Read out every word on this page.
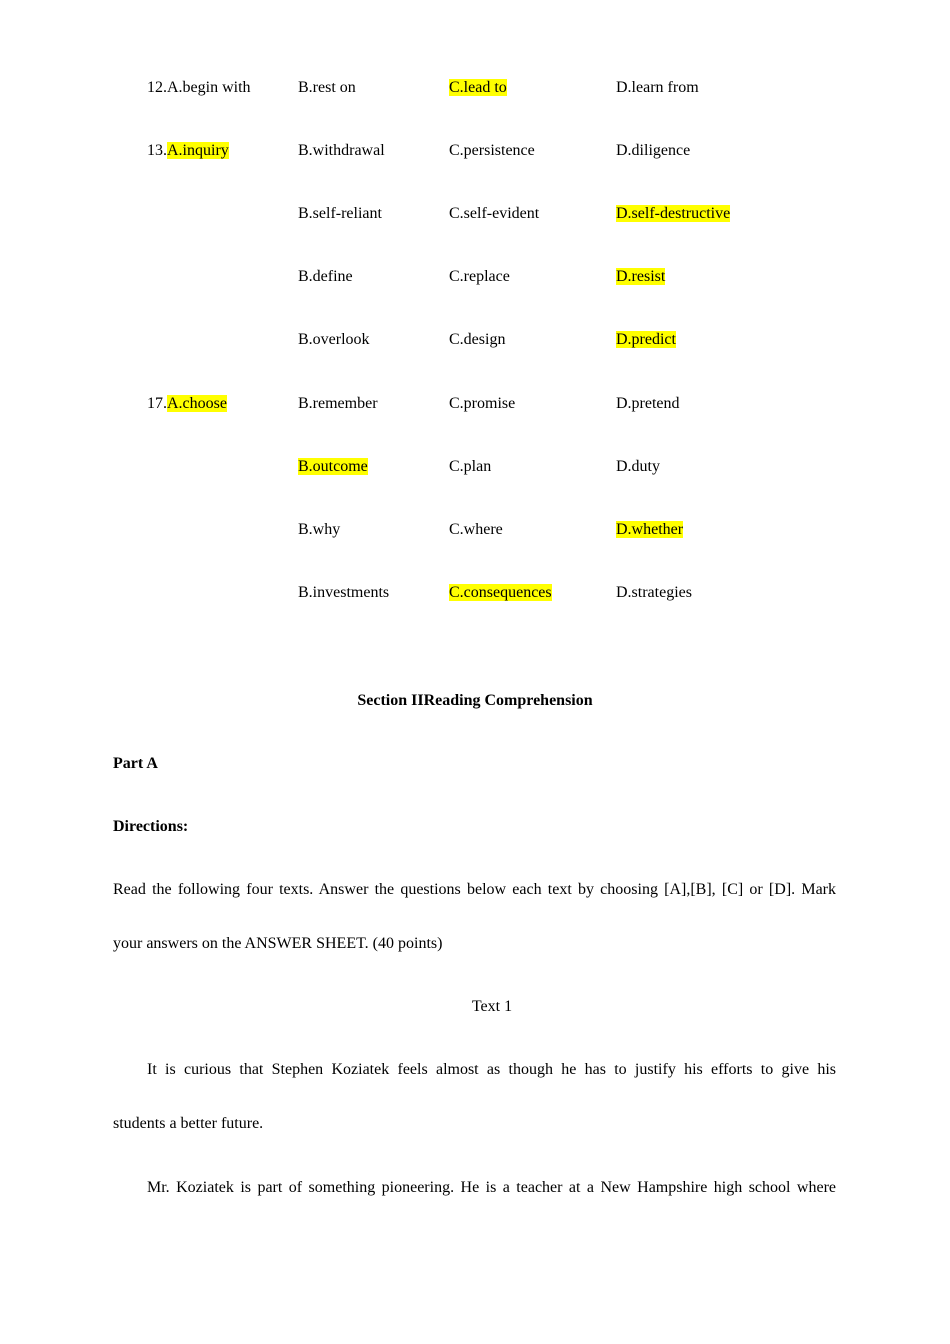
12.A.begin with	B.rest on	C.lead to	D.learn from
13.A.inquiry	B.withdrawal	C.persistence	D.diligence
B.self-reliant	C.self-evident	D.self-destructive
B.define	C.replace	D.resist
B.overlook	C.design	D.predict
17.A.choose	B.remember	C.promise	D.pretend
B.outcome	C.plan	D.duty
B.why	C.where	D.whether
B.investments	C.consequences	D.strategies
Section IIReading Comprehension
Part A
Directions:
Read the following four texts. Answer the questions below each text by choosing [A],[B], [C] or [D]. Mark
your answers on the ANSWER SHEET. (40 points)
Text 1
It is curious that Stephen Koziatek feels almost as though he has to justify his efforts to give his
students a better future.
Mr. Koziatek is part of something pioneering. He is a teacher at a New Hampshire high school where
